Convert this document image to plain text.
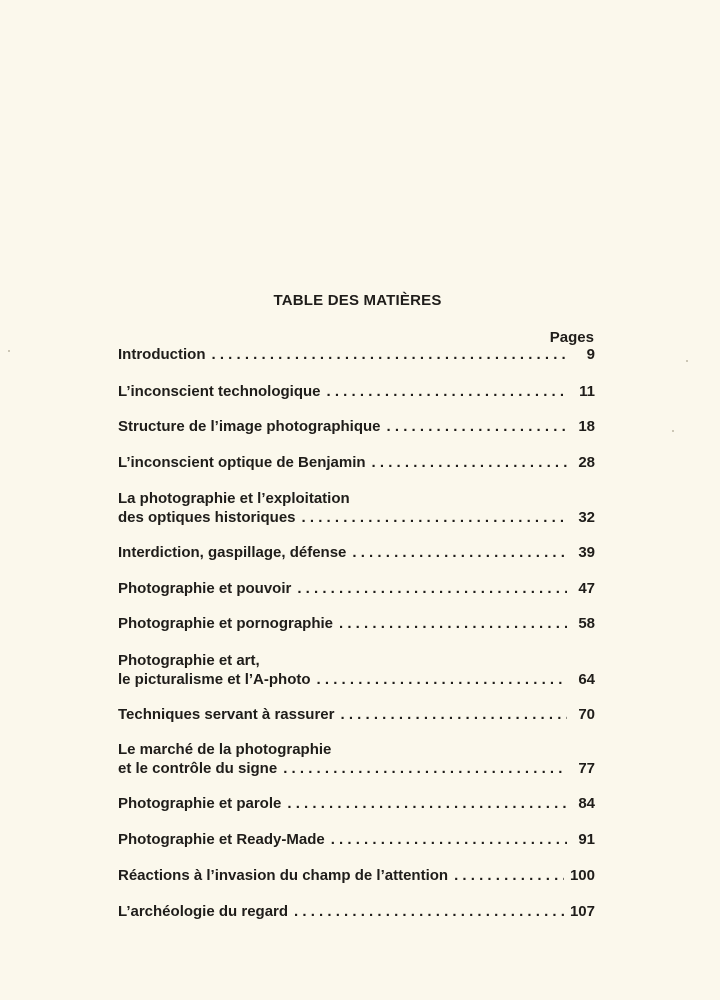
TABLE DES MATIÈRES
Pages
Introduction . . .	9
L’inconscient technologique . . .	11
Structure de l’image photographique . . .	18
L’inconscient optique de Benjamin . . .	28
La photographie et l’exploitation
des optiques historiques . . .	32
Interdiction, gaspillage, défense . . .	39
Photographie et pouvoir . . .	47
Photographie et pornographie . . .	58
Photographie et art,
le picturalisme et l’A-photo . . .	64
Techniques servant à rassurer . . .	70
Le marché de la photographie
et le contrôle du signe . . .	77
Photographie et parole . . .	84
Photographie et Ready-Made . . .	91
Réactions à l’invasion du champ de l’attention . . .	100
L’archéologie du regard . . .	107
